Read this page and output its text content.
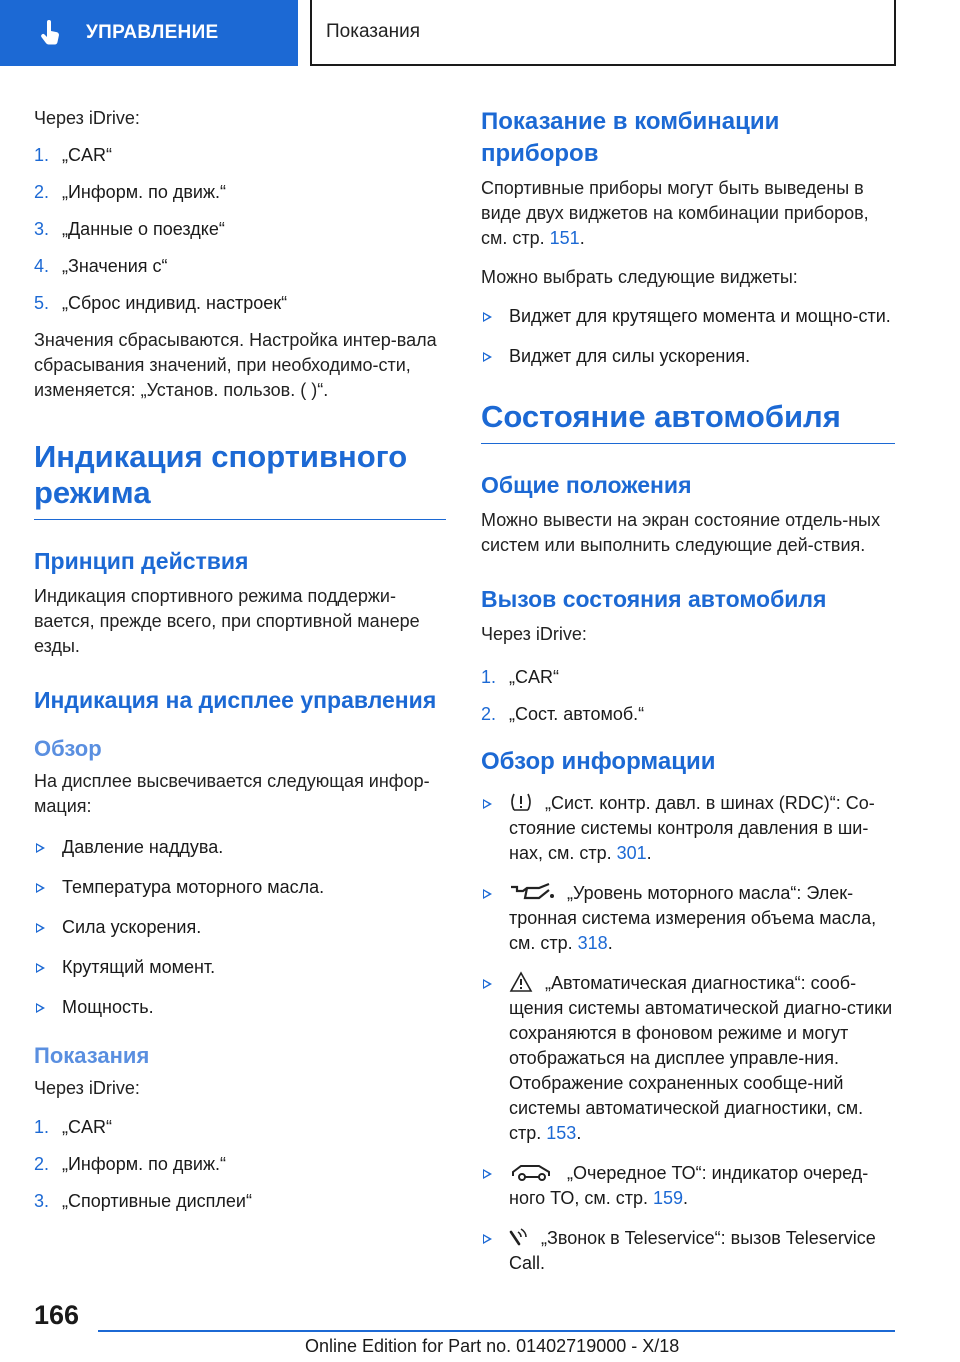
УПРАВЛЕНИЕ	Показания

Через iDrive:

1. „CAR“
2. „Информ. по движ.“
3. „Данные о поездке“
4. „Значения с“
5. „Сброс индивид. настроек“

Значения сбрасываются. Настройка интер-вала сбрасывания значений, при необходимо-сти, изменяется: „Установ. пользов. ( )“.

Индикация спортивного режима
Принцип действия

Индикация спортивного режима поддержи-вается, прежде всего, при спортивной манере езды.

Индикация на дисплее управления
Обзор

На дисплее высвечивается следующая инфор-мация:

Давление наддува.
Температура моторного масла.
Сила ускорения.
Крутящий момент.
Мощность.
Показания

Через iDrive:

1. „CAR“
2. „Информ. по движ.“
3. „Спортивные дисплеи“
Показание в комбинации приборов

Спортивные приборы могут быть выведены в виде двух виджетов на комбинации приборов, см. стр. 151.

Можно выбрать следующие виджеты:

Виджет для крутящего момента и мощно-сти.
Виджет для силы ускорения.
Состояние автомобиля
Общие положения

Можно вывести на экран состояние отдель-ных систем или выполнить следующие дей-ствия.

Вызов состояния автомобиля

Через iDrive:

1. „CAR“
2. „Сост. автомоб.“
Обзор информации
„Сист. контр. давл. в шинах (RDC)“: Со-стояние системы контроля давления в ши-нах, см. стр. 301.
„Уровень моторного масла“: Элек-тронная система измерения объема масла, см. стр. 318.
„Автоматическая диагностика“: сооб-щения системы автоматической диагно-стики сохраняются в фоновом режиме и могут отображаться на дисплее управле-ния. Отображение сохраненных сообще-ний системы автоматической диагностики, см. стр. 153.
„Очередное ТО“: индикатор очеред-ного ТО, см. стр. 159.
„Звонок в Teleservice“: вызов Teleservice Call.
166
Online Edition for Part no. 01402719000 - X/18
